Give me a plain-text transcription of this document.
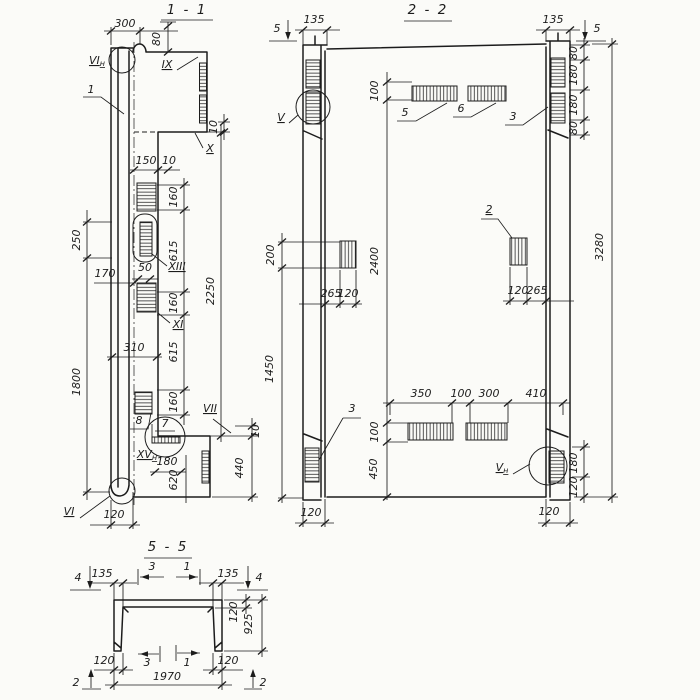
1 - 1
300
80
VIн
1
IX
10
X
150 10
250
1800
170 50
310
XIII
160
615
160
615
160
2250
XI
8 7
VII
XVн
10
180
620
440
VI	120
2 - 2
5	5
135	135
V
100
5	6
3
80
180
180
80
3280
200
1450
2400
2
265
120	120
265
350 100 300 410
100
450
3
Vн	180
120
120	120
5 - 5
4	4
135	135
3	1
120
925
3	1
120	120
1970
2	2
